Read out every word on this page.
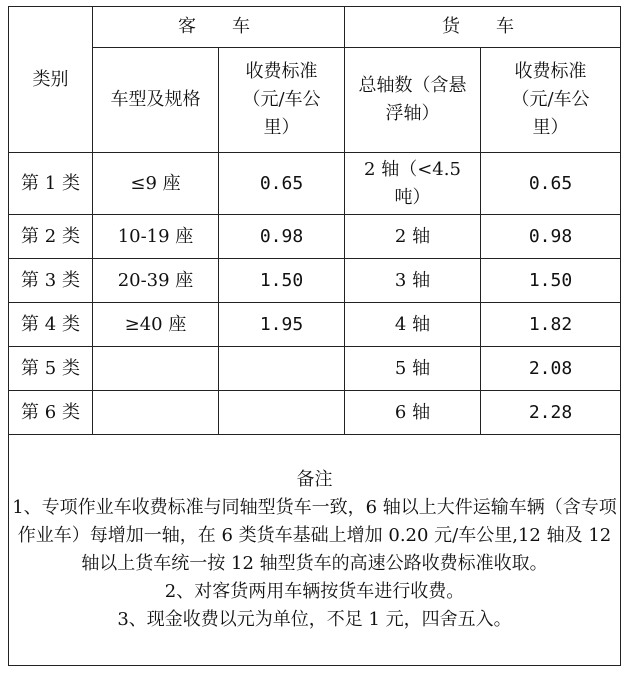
类别	客　车		货　车	
	车型及规格	收费标准（元/车公里）	总轴数（含悬浮轴）	收费标准（元/车公里）
第 1 类	≤9 座	0.65	2 轴（<4.5 吨）	0.65
第 2 类	10-19 座	0.98	2 轴	0.98
第 3 类	20-39 座	1.50	3 轴	1.50
第 4 类	≥40 座	1.95	4 轴	1.82
第 5 类			5 轴	2.08
第 6 类			6 轴	2.28

备注
1、专项作业车收费标准与同轴型货车一致，6 轴以上大件运输车辆（含专项作业车）每增加一轴，在 6 类货车基础上增加 0.20 元/车公里,12 轴及 12 轴以上货车统一按 12 轴型货车的高速公路收费标准收取。
2、对客货两用车辆按货车进行收费。
3、现金收费以元为单位，不足 1 元，四舍五入。				
